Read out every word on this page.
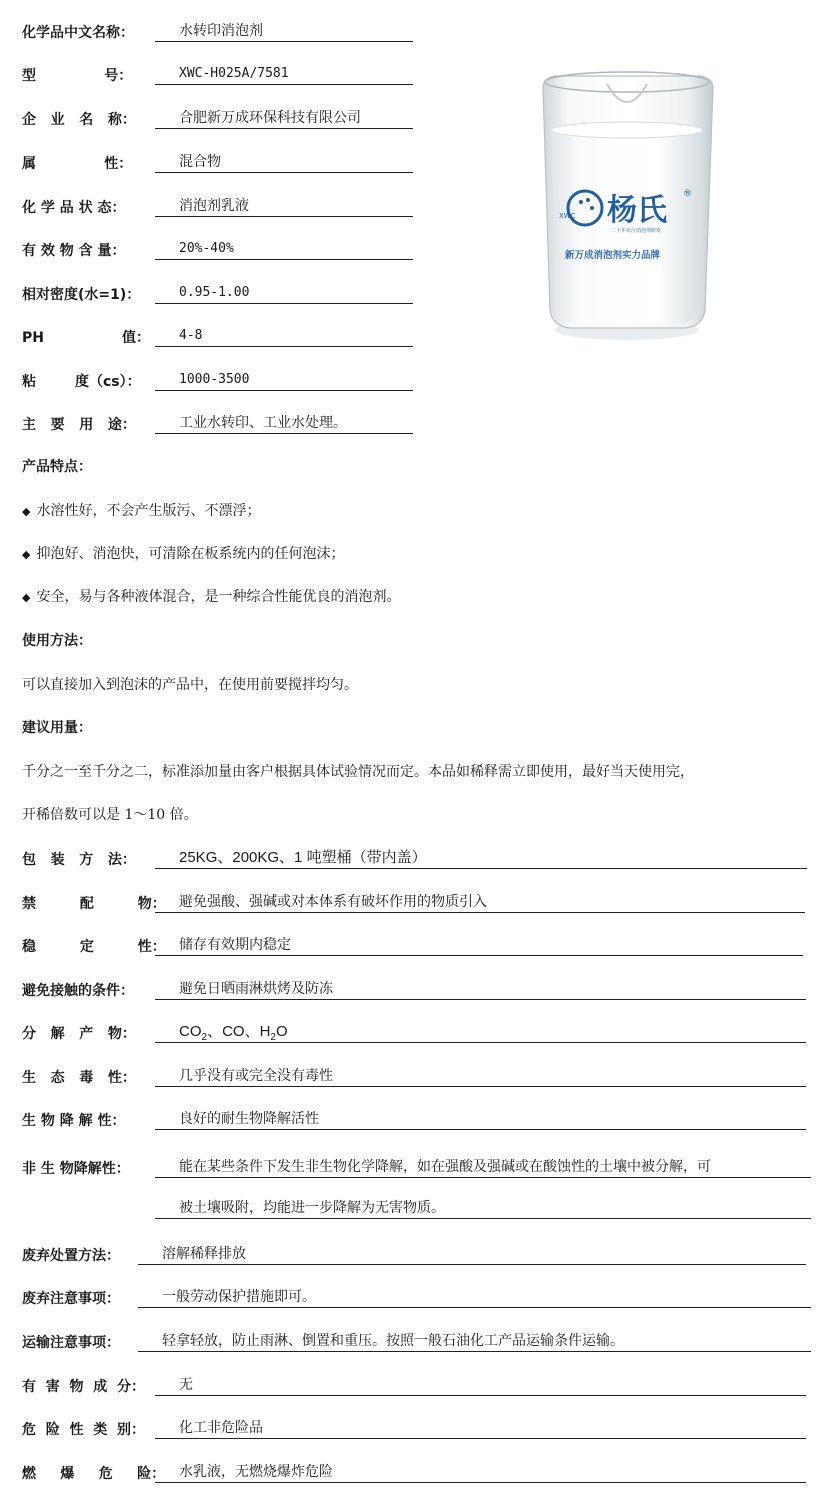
化学品中文名称：	水转印消泡剂
型              号：	XWC-H025A/7581
企   业   名   称：	合肥新万成环保科技有限公司
属              性：	混合物
化 学 品 状 态：	消泡剂乳液
有 效 物 含 量：	20%-40%
相对密度(水=1)：	0.95-1.00
PH                值：	4-8
粘        度（cs）：	1000-3500
主   要   用   途：	工业水转印、工业水处理。
XWC 杨氏 ®
二十年专注消泡剂研发
新万成消泡剂实力品牌
产品特点：
◆ 水溶性好，不会产生版污、不漂浮；
◆ 抑泡好、消泡快，可清除在板系统内的任何泡沫；
◆ 安全，易与各种液体混合，是一种综合性能优良的消泡剂。
使用方法：
可以直接加入到泡沫的产品中，在使用前要搅拌均匀。
建议用量：
千分之一至千分之二，标准添加量由客户根据具体试验情况而定。本品如稀释需立即使用，最好当天使用完，
开稀倍数可以是 1～10 倍。
包   装   方   法：	25KG、200KG、1 吨塑桶（带内盖）
禁         配         物： 避免强酸、强碱或对本体系有破坏作用的物质引入
稳         定         性： 储存有效期内稳定
避免接触的条件：	避免日晒雨淋烘烤及防冻
分   解   产   物：	$CO_2$、CO、$H_2O$
生   态   毒   性：	几乎没有或完全没有毒性
生 物 降 解 性：	良好的耐生物降解活性
非 生 物降解性：	能在某些条件下发生非生物化学降解，如在强酸及强碱或在酸蚀性的土壤中被分解，可
被土壤吸附，均能进一步降解为无害物质。
废弃处置方法：	溶解稀释排放
废弃注意事项：	一般劳动保护措施即可。
运输注意事项：	轻拿轻放，防止雨淋、倒置和重压。按照一般石油化工产品运输条件运输。
有  害  物  成  分：	无
危  险  性  类  别：	化工非危险品
燃     爆     危     险： 水乳液，无燃烧爆炸危险
